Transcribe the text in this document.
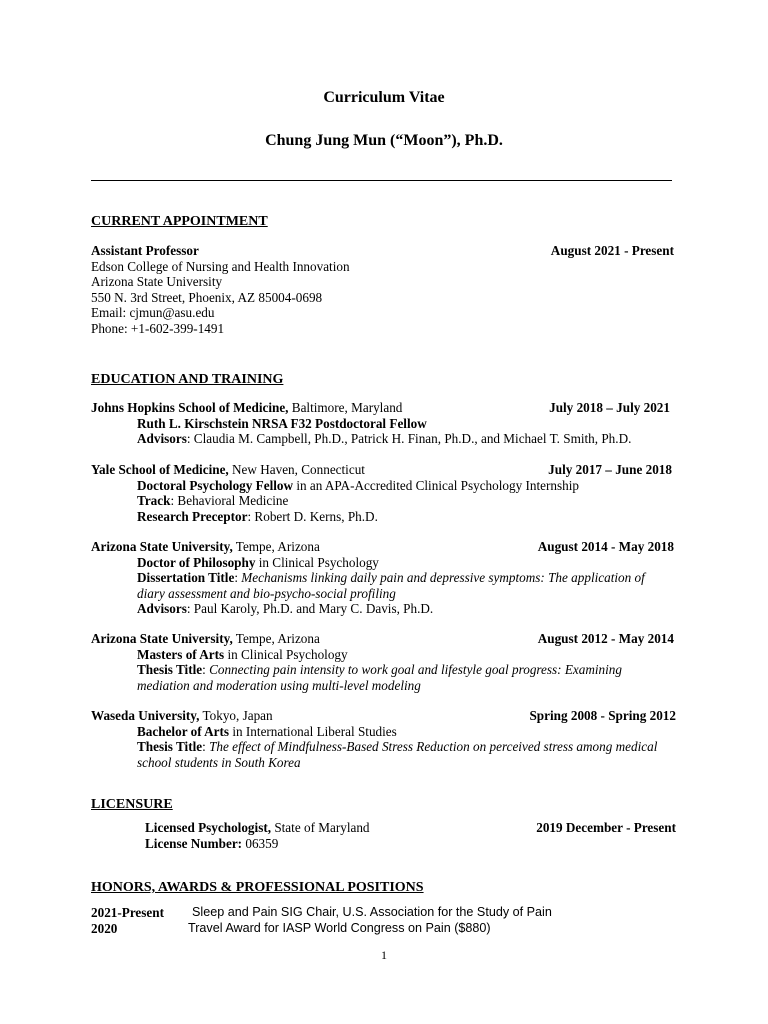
Curriculum Vitae
Chung Jung Mun (“Moon”), Ph.D.
CURRENT APPOINTMENT
Assistant Professor	August 2021 - Present
Edson College of Nursing and Health Innovation
Arizona State University
550 N. 3rd Street, Phoenix, AZ 85004-0698
Email: cjmun@asu.edu
Phone: +1-602-399-1491
EDUCATION AND TRAINING
Johns Hopkins School of Medicine, Baltimore, Maryland	July 2018 – July 2021
Ruth L. Kirschstein NRSA F32 Postdoctoral Fellow
Advisors: Claudia M. Campbell, Ph.D., Patrick H. Finan, Ph.D., and Michael T. Smith, Ph.D.
Yale School of Medicine, New Haven, Connecticut	July 2017 – June 2018
Doctoral Psychology Fellow in an APA-Accredited Clinical Psychology Internship
Track: Behavioral Medicine
Research Preceptor: Robert D. Kerns, Ph.D.
Arizona State University, Tempe, Arizona	August 2014 - May 2018
Doctor of Philosophy in Clinical Psychology
Dissertation Title: Mechanisms linking daily pain and depressive symptoms: The application of diary assessment and bio-psycho-social profiling
Advisors: Paul Karoly, Ph.D. and Mary C. Davis, Ph.D.
Arizona State University, Tempe, Arizona	August 2012 - May 2014
Masters of Arts in Clinical Psychology
Thesis Title: Connecting pain intensity to work goal and lifestyle goal progress: Examining mediation and moderation using multi-level modeling
Waseda University, Tokyo, Japan	Spring 2008 - Spring 2012
Bachelor of Arts in International Liberal Studies
Thesis Title: The effect of Mindfulness-Based Stress Reduction on perceived stress among medical school students in South Korea
LICENSURE
Licensed Psychologist, State of Maryland	2019 December - Present
License Number: 06359
HONORS, AWARDS & PROFESSIONAL POSITIONS
2021-Present Sleep and Pain SIG Chair, U.S. Association for the Study of Pain
2020	Travel Award for IASP World Congress on Pain ($880)
1
